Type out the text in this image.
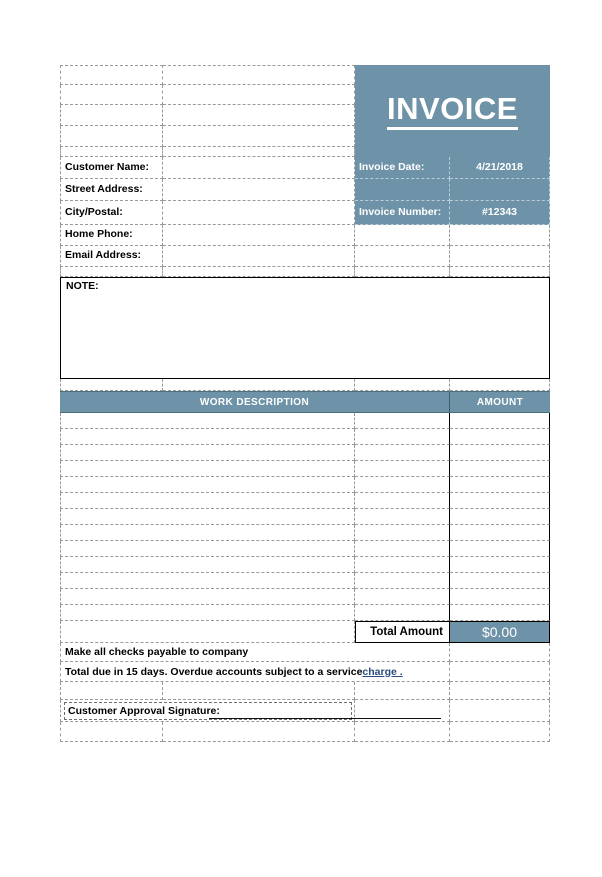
INVOICE
Customer Name:	Invoice Date:	4/21/2018
Street Address:
City/Postal:	Invoice Number:	#12343
Home Phone:
Email Address:
NOTE:
WORK DESCRIPTION	AMOUNT
Total Amount	$0.00
Make all checks payable to company
Total due in 15 days. Overdue accounts subject to a service charge .
Customer Approval Signature:
